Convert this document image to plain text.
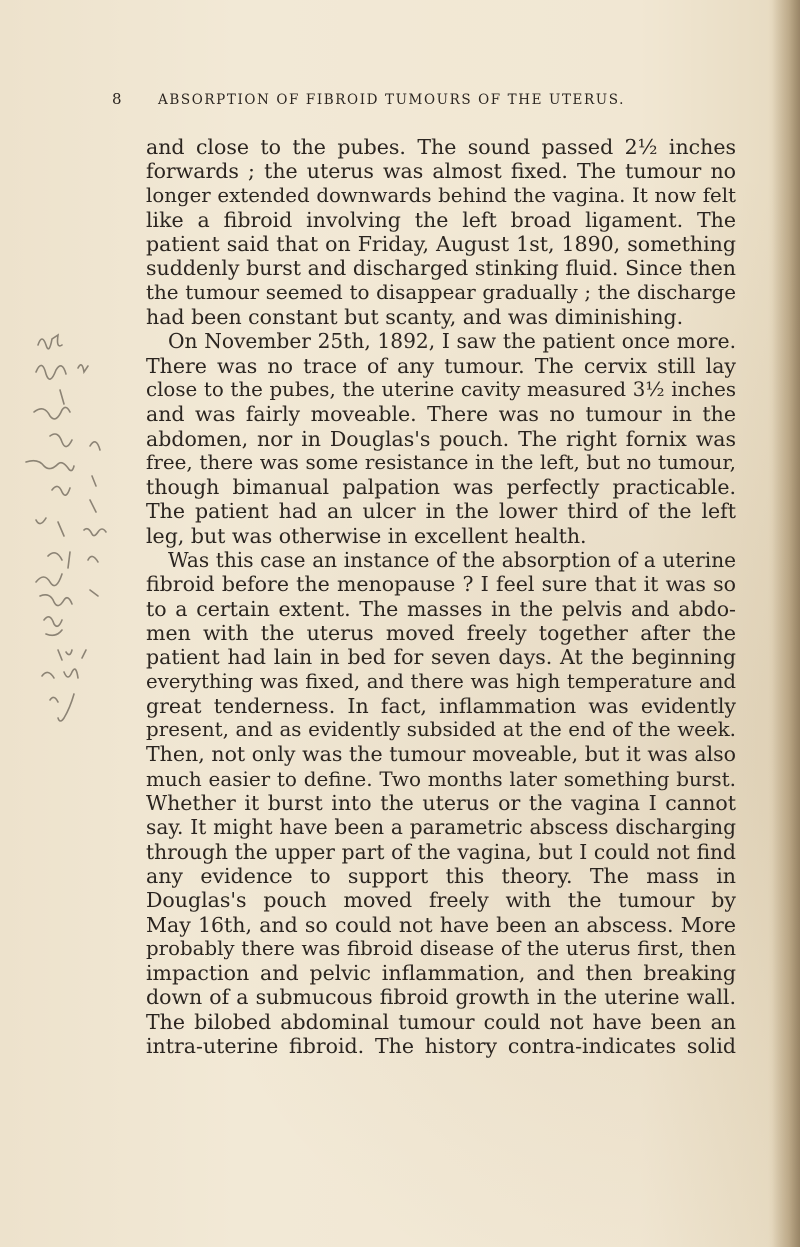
8	ABSORPTION OF FIBROID TUMOURS OF THE UTERUS.
and close to the pubes. The sound passed 2½ inches
forwards ; the uterus was almost fixed. The tumour no
longer extended downwards behind the vagina. It now felt
like a fibroid involving the left broad ligament. The
patient said that on Friday, August 1st, 1890, something
suddenly burst and discharged stinking fluid. Since then
the tumour seemed to disappear gradually ; the discharge
had been constant but scanty, and was diminishing.
On November 25th, 1892, I saw the patient once more.
There was no trace of any tumour. The cervix still lay
close to the pubes, the uterine cavity measured 3½ inches
and was fairly moveable. There was no tumour in the
abdomen, nor in Douglas's pouch. The right fornix was
free, there was some resistance in the left, but no tumour,
though bimanual palpation was perfectly practicable.
The patient had an ulcer in the lower third of the left
leg, but was otherwise in excellent health.
Was this case an instance of the absorption of a uterine
fibroid before the menopause ? I feel sure that it was so
to a certain extent. The masses in the pelvis and abdo-
men with the uterus moved freely together after the
patient had lain in bed for seven days. At the beginning
everything was fixed, and there was high temperature and
great tenderness. In fact, inflammation was evidently
present, and as evidently subsided at the end of the week.
Then, not only was the tumour moveable, but it was also
much easier to define. Two months later something burst.
Whether it burst into the uterus or the vagina I cannot
say. It might have been a parametric abscess discharging
through the upper part of the vagina, but I could not find
any evidence to support this theory. The mass in
Douglas's pouch moved freely with the tumour by
May 16th, and so could not have been an abscess. More
probably there was fibroid disease of the uterus first, then
impaction and pelvic inflammation, and then breaking
down of a submucous fibroid growth in the uterine wall.
The bilobed abdominal tumour could not have been an
intra-uterine fibroid. The history contra-indicates solid
